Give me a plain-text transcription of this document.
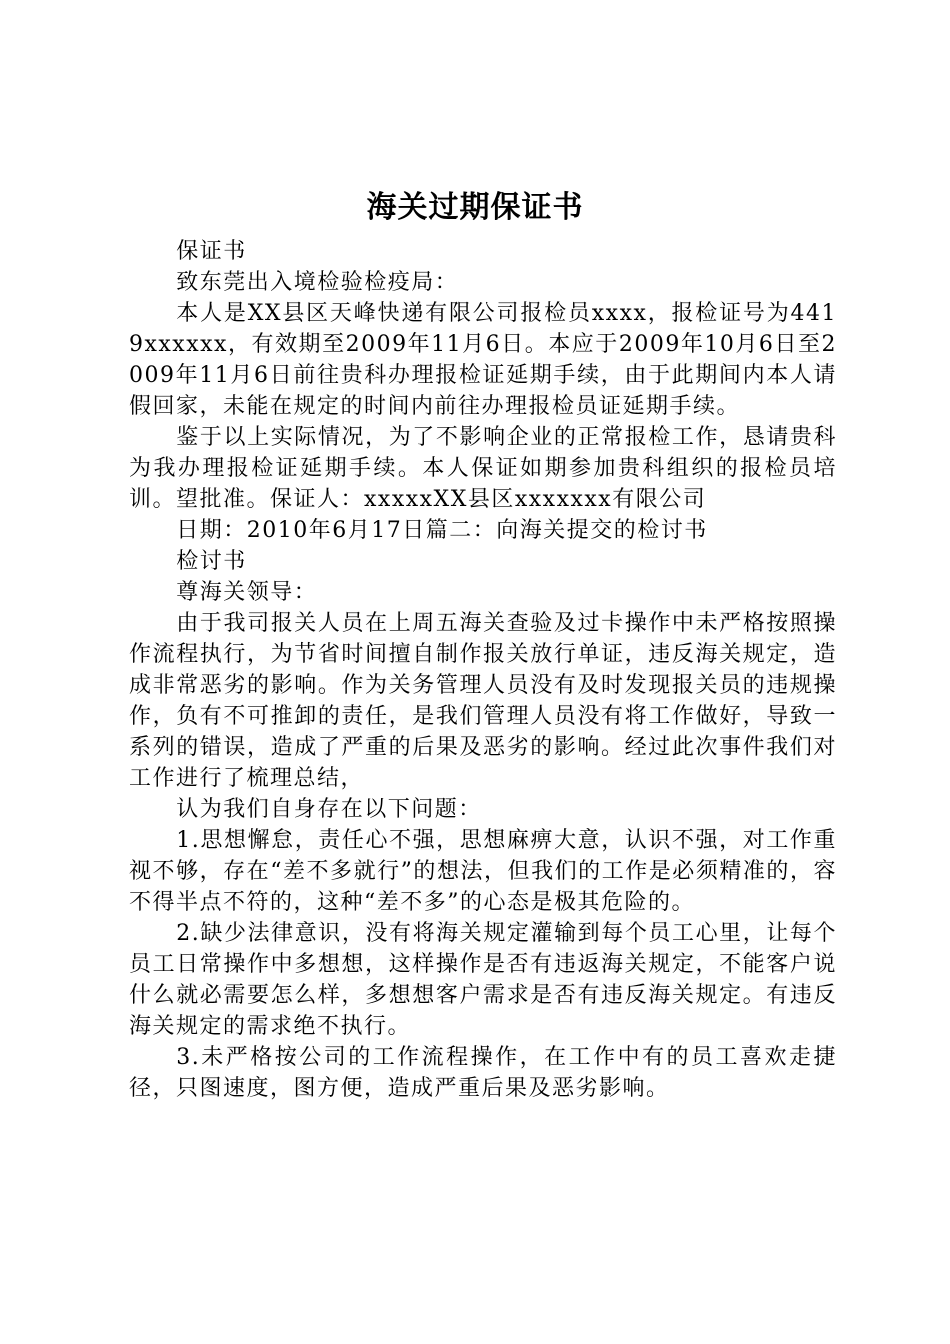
海关过期保证书

保证书

致东莞出入境检验检疫局：

本人是XX县区天峰快递有限公司报检员xxxx，报检证号为4419xxxxxx，有效期至2009年11月6日。本应于2009年10月6日至2009年11月6日前往贵科办理报检证延期手续，由于此期间内本人请假回家，未能在规定的时间内前往办理报检员证延期手续。

鉴于以上实际情况，为了不影响企业的正常报检工作，恳请贵科为我办理报检证延期手续。本人保证如期参加贵科组织的报检员培训。望批准。保证人：xxxxxXX县区xxxxxxx有限公司

日期：2010年6月17日篇二：向海关提交的检讨书

检讨书

尊海关领导：

由于我司报关人员在上周五海关查验及过卡操作中未严格按照操作流程执行，为节省时间擅自制作报关放行单证，违反海关规定，造成非常恶劣的影响。作为关务管理人员没有及时发现报关员的违规操作，负有不可推卸的责任，是我们管理人员没有将工作做好，导致一系列的错误，造成了严重的后果及恶劣的影响。经过此次事件我们对工作进行了梳理总结，

认为我们自身存在以下问题：

1.思想懈怠，责任心不强，思想麻痹大意，认识不强，对工作重视不够，存在“差不多就行”的想法，但我们的工作是必须精准的，容不得半点不符的，这种“差不多”的心态是极其危险的。

2.缺少法律意识，没有将海关规定灌输到每个员工心里，让每个员工日常操作中多想想，这样操作是否有违返海关规定，不能客户说什么就必需要怎么样，多想想客户需求是否有违反海关规定。有违反海关规定的需求绝不执行。

3.未严格按公司的工作流程操作，在工作中有的员工喜欢走捷径，只图速度，图方便，造成严重后果及恶劣影响。
